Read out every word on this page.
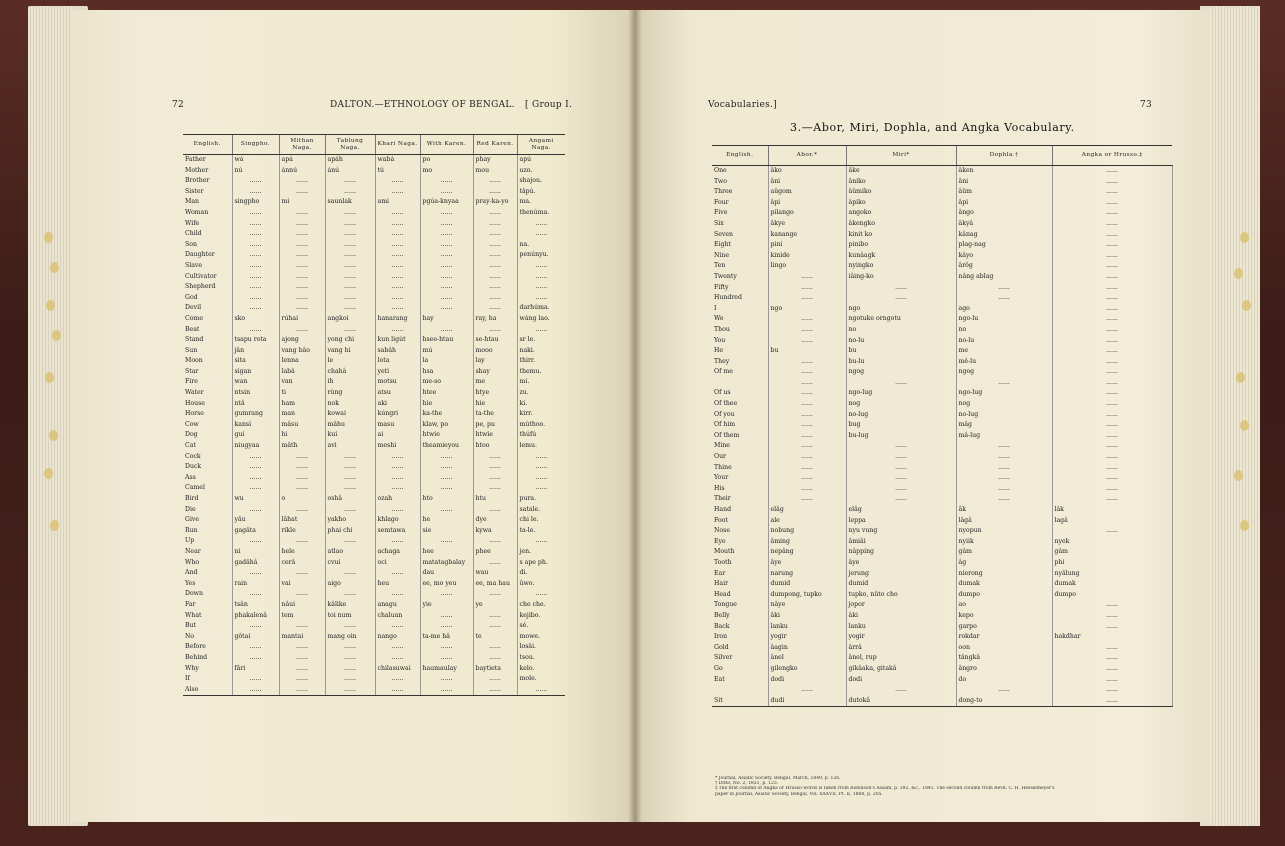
72	DALTON.—ETHNOLOGY OF BENGAL. [ Group I.
English.	Singpho.	Mithan Naga.	Tablung Naga.	Khari Naga.	With Karen.	Red Karen.	Angami Naga.
Father	wá	apá	apáh	wabá	po	phay	apú
Mother	nú	ánnú	ánú	tú	mo	mou	uzo.
Brother	......	......	......	......	......	......	shajou.
Sister	......	......	......	......	......	......	tâpú.
Man	singpho	mi	saunlak	ami	pgúa-knyaa	pray-ka-yo	ma.
Woman	......	......	......	......	......	......	thenúma.
Wife	......	......	......	......	......	......	......
Child	......	......	......	......	......	......	......
Son	......	......	......	......	......	......	na.
Daughter	......	......	......	......	......	......	penúnyu.
Slave	......	......	......	......	......	......	......
Cultivator	......	......	......	......	......	......	......
Shepherd	......	......	......	......	......	......	......
God	......	......	......	......	......	......	......
Devil	......	......	......	......	......	......	darhúma.
Come	sko	rúhai	angkoi	hanarang	hay	ray, ha	wáng lao.
Beat	......	......	......	......	......	......	......
Stand	tsapu rota	ajong	yong chi	kun ligút	hsee-htau	se-htau	sr le.
Sun	jân	vang bâo	vang hi	sabâh	mú	mooo	naki.
Moon	sita	lenna	le	lota	la	lay	thirr.
Star	sigan	labâ	chahâ	yeti	hsa	shay	themu.
Fire	wan	van	ih	motsu	me-so	me	mi.
Water	ntsin	ti	rúng	atsu	htee	htye	zu.
House	ntâ	ham	nok	aki	hie	hie	ki.
Horse	gumrang	man	kowai	kúngri	ka-the	ta-the	kirr.
Cow	kansi	mâsu	mâhu	masu	klaw, po	pe, pu	múthoo.
Dog	gui	hi	kui	ai	htwie	htwie	thúfú
Cat	niugyaa	mâth	avi	meshi	theamieyou	htoo	lemu.
Cock	......	......	......	......	......	......	......
Duck	......	......	......	......	......	......	......
Ass	......	......	......	......	......	......	......
Camel	......	......	......	......	......	......	......
Bird	wu	o	oshâ	ozah	hto	htu	pura.
Die	......	......	......	......	......	......	satale.
Give	yâu	lâhat	yakho	khlago	he	dye	chi le.
Run	gagâta	rikle	phai chi	semtawa	sie	kywa	ta-le.
Up	......	......	......	......	......	......	......
Near	ni	hele	atlao	achaga	hee	phee	jen.
Who	gadâhâ	cerâ	cvui	oci	matatagbalay	......	s ape ph.
And	......	......	......	......	dau	wau	di.
Yes	rain	vai	aigo	heu	ee, mo yeu	ee, ma hau	ûwo.
Down	......	......	......	......	......	......	......
Far	tsân	nâui	kâlike	anagu	yie	ye	che che.
What	phakalenâ	tem	toi num	chaluan	......	......	kejibo.
But	......	......	......	......	......	......	sé.
No	gôtai	mantai	mang oin	nango	ta-me hâ	te	mowe.
Before	......	......	......	......	......	......	losâi.
Behind	......	......	......	......	......	......	tsou.
Why	fâri	......	......	chilasuwai	haumaulay	baytieta	kelo.
If	......	......	......	......	......	......	mole.
Also	......	......	......	......	......	......	......
Vocabularies.]	73
3.—Abor, Miri, Dophla, and Angka Vocabulary.
English.	Abor.*	Miri*	Dophla.†	Angka or Hrusso.‡	
One	âko	âke	âken	......	
Two	âni	âniko	âni	......	
Three	aûgom	âûmiko	âûm	......	
Four	âpi	âpiko	âpi	......	
Five	pilango	angoko	ângo	......	
Six	âkye	âkengko	âkyâ	......	
Seven	kanange	kinit ko	kânag	......	
Eight	pini	pinibo	plag-nag	......	
Nine	kinide	kunâagk	kâyo	......	
Ten	lingo	nyingko	ârôg	......	
Twenty	......	iâing-ko	nâng ablag	......	
Fifty	......	......	......	......	
Hundred	......	......	......	......	
I	ngo	ngo	ago	......	
We	......	ngotuke orngotu	ngo-lu	......	
Thou	......	no	no	......	
You	......	no-lu	no-lu	......	
He	bu	bu	me	......	
They	......	bu-lu	mê-lu	......	
Of me	......	ngog	ngog	......	
	......	......	......	......	
Of us	......	ngo-lug	ngo-lug	......	
Of thee	......	nog	nog	......	
Of you	......	no-lug	no-lug	......	
Of him	......	bug	mâg	......	
Of them	......	bu-lug	mâ-lug	......	
Mine	......	......	......	......	
Our	......	......	......	......	
Thine	......	......	......	......	
Your	......	......	......	......	
His	......	......	......	......	
Their	......	......	......	......	
Hand	elâg	elâg	âk	lâk	
Foot	ale	leppa	lâgâ	lagâ	
Nose	nobung	nyu vung	nyopun	......	
Eye	âming	âmiâi	nyiik	nyek	
Mouth	nepâng	nâpping	gâm	gâm	
Tooth	âye	âye	âg	phi	
Ear	narung	jerung	nierong	nyâlung	
Hair	dumid	dumid	dumak	dumak	
Head	dumpong, tupko	tupko, nûto cho	dumpo	dumpo	
Tongue	nâye	jopor	ao	......	
Belly	âki	âki	kepo	......	
Back	lanku	lanku	garpo	......	
Iron	yogir	yogir	rokdar	hakdhar	
Gold	âagin	ârrâ	oon	......	
Silver	ânel	ânel, rup	tângkâ	......	
Go	gilengko	gikâaka, gitakâ	ângro	......	
Eat	dodi	dodi	do	......	
	......	......	......	......	
Sit	dudi	dutokâ	dong-to	......	
* Journal, Asiatic Society, Bengal, March, 1849, p. 126.
† Ditto, No. 2, 1851, p. 125.
‡ The first column of Angka or Hrusso words is taken from Robinson's Assam, p. 392, &c., 1841. The second column from Revd. C. H. Hesselmeyer's
paper in Journal, Asiatic Society, Bengal, Vol. XXXVII, Pt. II, 1868, p. 205.
